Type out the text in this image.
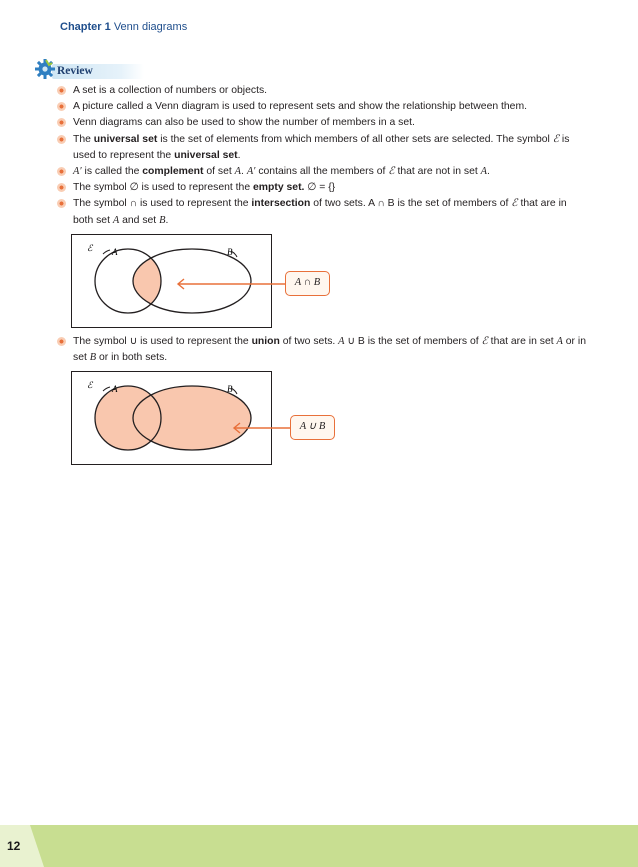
Chapter 1 Venn diagrams
Review
A set is a collection of numbers or objects.
A picture called a Venn diagram is used to represent sets and show the relationship between them.
Venn diagrams can also be used to show the number of members in a set.
The universal set is the set of elements from which members of all other sets are selected. The symbol ℰ is used to represent the universal set.
A′ is called the complement of set A. A′ contains all the members of ℰ that are not in set A.
The symbol ∅ is used to represent the empty set. ∅ = {}
The symbol ∩ is used to represent the intersection of two sets. A ∩ B is the set of members of ℰ that are in both set A and set B.
ℰ A	B
A ∩ B
The symbol ∪ is used to represent the union of two sets. A ∪ B is the set of members of ℰ that are in set A or in set B or in both sets.
ℰ A	B
A ∪ B
12
